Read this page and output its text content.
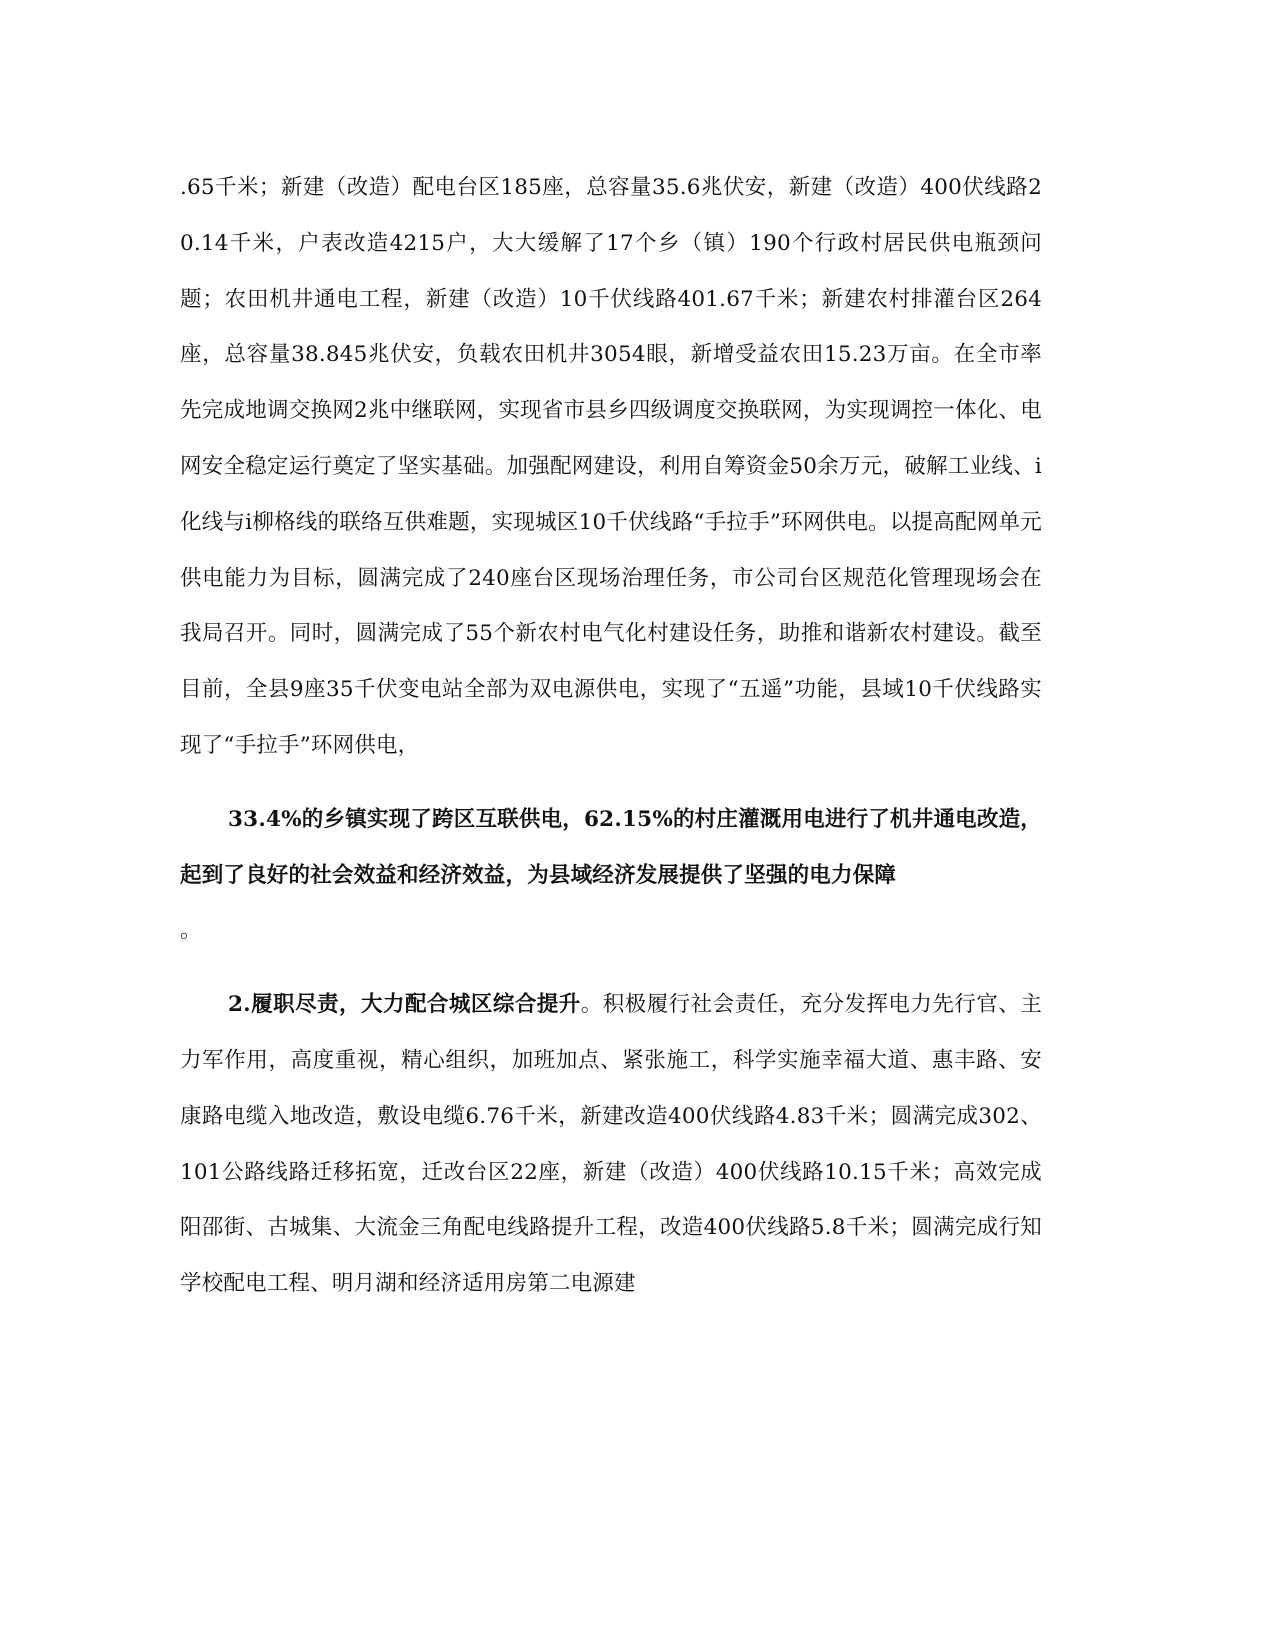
.65千米；新建（改造）配电台区185座，总容量35.6兆伏安，新建（改造）400伏线路20.14千米，户表改造4215户，大大缓解了17个乡（镇）190个行政村居民供电瓶颈问题；农田机井通电工程，新建（改造）10千伏线路401.67千米；新建农村排灌台区264座，总容量38.845兆伏安，负载农田机井3054眼，新增受益农田15.23万亩。在全市率先完成地调交换网2兆中继联网，实现省市县乡四级调度交换联网，为实现调控一体化、电网安全稳定运行奠定了坚实基础。加强配网建设，利用自筹资金50余万元，破解工业线、i化线与i柳格线的联络互供难题，实现城区10千伏线路“手拉手”环网供电。以提高配网单元供电能力为目标，圆满完成了240座台区现场治理任务，市公司台区规范化管理现场会在我局召开。同时，圆满完成了55个新农村电气化村建设任务，助推和谐新农村建设。截至目前，全县9座35千伏变电站全部为双电源供电，实现了“五遥”功能，县域10千伏线路实现了“手拉手”环网供电，

33.4%的乡镇实现了跨区互联供电，62.15%的村庄灌溉用电进行了机井通电改造，起到了良好的社会效益和经济效益，为县域经济发展提供了坚强的电力保障
。

2.履职尽责，大力配合城区综合提升。积极履行社会责任，充分发挥电力先行官、主力军作用，高度重视，精心组织，加班加点、紧张施工，科学实施幸福大道、惠丰路、安康路电缆入地改造，敷设电缆6.76千米，新建改造400伏线路4.83千米；圆满完成302、101公路线路迁移拓宽，迁改台区22座，新建（改造）400伏线路10.15千米；高效完成阳邵街、古城集、大流金三角配电线路提升工程，改造400伏线路5.8千米；圆满完成行知学校配电工程、明月湖和经济适用房第二电源建
